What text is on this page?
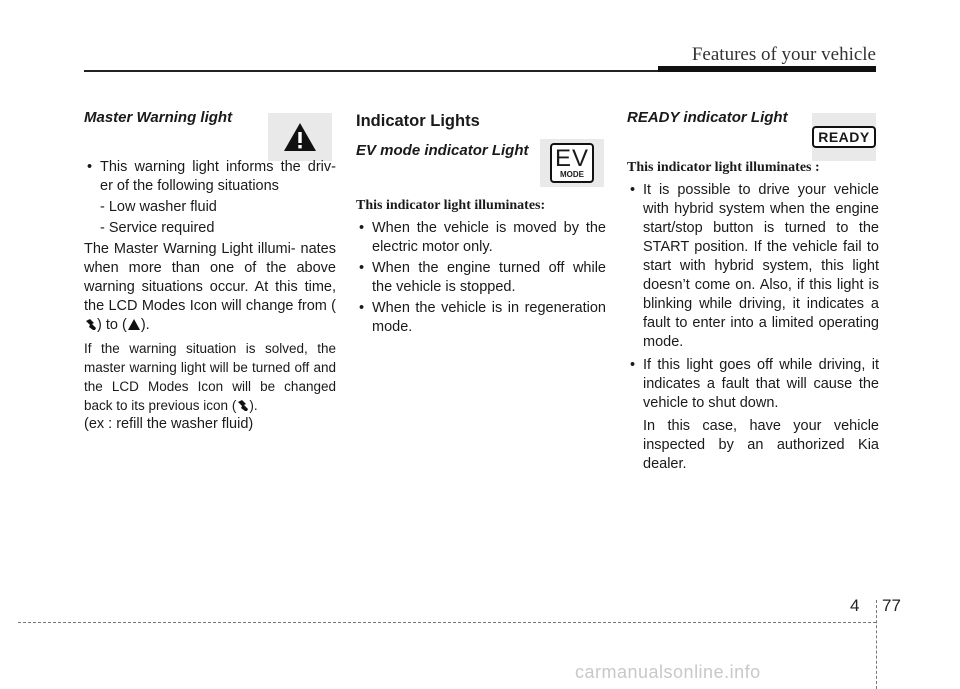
Features of your vehicle

Master Warning light

• This warning light informs the driv- er of the following situations

- Low washer fluid

- Service required

The Master Warning Light illumi- nates when more than one of the above warning situations occur. At this time, the LCD Modes Icon will change from () to ( ).

If the warning situation is solved, the master warning light will be turned off and the LCD Modes Icon will be changed back to its previous icon ( ).

(ex : refill the washer fluid)

EV
MODE

Indicator Lights

EV mode indicator Light

This indicator light illuminates:

• When the vehicle is moved by the electric motor only.

• When the engine turned off while the vehicle is stopped.

• When the vehicle is in regeneration mode.

READY

READY indicator Light

This indicator light illuminates :

• It is possible to drive your vehicle with hybrid system when the engine start/stop button is turned to the START position. If the vehicle fail to start with hybrid system, this light doesn’t come on. Also, if this light is blinking while driving, it indicates a fault to enter into a limited operating mode.

• If this light goes off while driving, it indicates a fault that will cause the vehicle to shut down.

In this case, have your vehicle inspected by an authorized Kia dealer.

4 77
carmanualsonline.info
